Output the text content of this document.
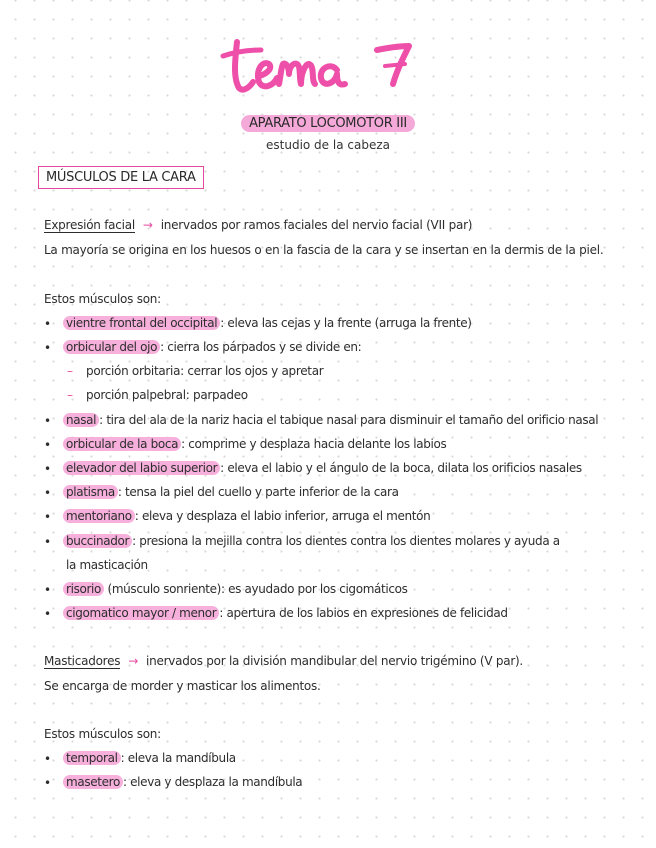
APARATO LOCOMOTOR III
estudio de la cabeza
MÚSCULOS DE LA CARA
Expresión facial → inervados por ramos faciales del nervio facial (VII par)
La mayoría se origina en los huesos o en la fascia de la cara y se insertan en la dermis de la piel.
Estos músculos son:
• vientre frontal del occipital : eleva las cejas y la frente (arruga la frente)
• orbicular del ojo : cierra los párpados y se divide en:
– porción orbitaria: cerrar los ojos y apretar
– porción palpebral: parpadeo
• nasal : tira del ala de la nariz hacia el tabique nasal para disminuir el tamaño del orificio nasal
• orbicular de la boca : comprime y desplaza hacia delante los labios
• elevador del labio superior : eleva el labio y el ángulo de la boca, dilata los orificios nasales
• platisma : tensa la piel del cuello y parte inferior de la cara
• mentoriano : eleva y desplaza el labio inferior, arruga el mentón
• buccinador : presiona la mejilla contra los dientes contra los dientes molares y ayuda a la masticación
• risorio (músculo sonriente): es ayudado por los cigomáticos
• cigomatico mayor / menor : apertura de los labios en expresiones de felicidad
Masticadores → inervados por la división mandibular del nervio trigémino (V par).
Se encarga de morder y masticar los alimentos.
Estos músculos son:
• temporal : eleva la mandíbula
• masetero : eleva y desplaza la mandíbula
